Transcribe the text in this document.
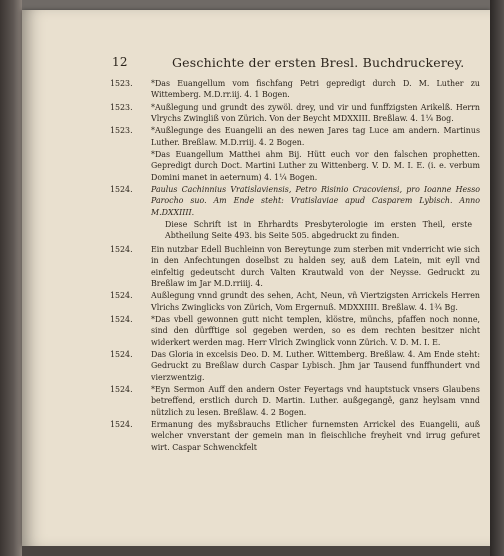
12	Geschichte der ersten Bresl. Buchdruckerey.
1523.	*Das Euangellum vom fischfang Petri gepredigt durch D. M. Luther zu Wittemberg. M.D.rr.iij. 4. 1 Bogen.
1523.	*Außlegung und grundt des zywöl. drey, und vir und funffzigsten Arikelß. Herrn Vlrychs Zwingliß von Zürich. Von der Beycht MDXXIII. Breßlaw. 4. 1¼ Bog.
1523.	*Außlegunge des Euangelii an des newen Jares tag Luce am andern. Martinus Luther. Breßlaw. M.D.rriij. 4. 2 Bogen.
*Das Euangellum Matthei ahm Bij. Hütt euch vor den falschen prophetten. Gepredigt durch Doct. Martini Luther zu Wittenberg. V. D. M. I. E. (i. e. verbum Domini manet in aeternum) 4. 1¼ Bogen.
1524.	Paulus Cachinnius Vratislaviensis, Petro Risinio Cracoviensi, pro Ioanne Hesso Parocho suo. Am Ende steht: Vratislaviae apud Casparem Lybisch. Anno M.DXXIIII.
Diese Schrift ist in Ehrhardts Presbyterologie im ersten Theil, erste Abtheilung Seite 493. bis Seite 505. abgedruckt zu finden.
1524.	Ein nutzbar Edell Buchleinn von Bereytunge zum sterben mit vnderricht wie sich in den Anfechtungen doselbst zu halden sey, auß dem Latein, mit eyll vnd einfeltig gedeutscht durch Valten Krautwald von der Neysse. Gedruckt zu Breßlaw im Jar M.D.rriiij. 4.
1524.	Außlegung vnnd grundt des sehen, Acht, Neun, vñ Viertzigsten Arrickels Herren Vlrichs Zwinglicks von Zürich, Vom Ergernuß. MDXXIIII. Breßlaw. 4. 1¾ Bg.
1524.	*Das vbell gewonnen gutt nicht templen, klöstre, münchs, pfaffen noch nonne, sind den dürfftige sol gegeben werden, so es dem rechten besitzer nicht widerkert werden mag. Herr Vlrich Zwinglick vonn Zürich. V. D. M. I. E.
1524.	Das Gloria in excelsis Deo. D. M. Luther. Wittemberg. Breßlaw. 4. Am Ende steht: Gedruckt zu Breßlaw durch Caspar Lybisch. Jhm jar Tausend funffhundert vnd vierzwentzig.
1524.	*Eyn Sermon Auff den andern Oster Feyertags vnd hauptstuck vnsers Glaubens betreffend, erstlich durch D. Martin. Luther. außgegangê, ganz heylsam vnnd nützlich zu lesen. Breßlaw. 4. 2 Bogen.
1524.	Ermanung des myßsbrauchs Etlicher furnemsten Arrickel des Euangelii, auß welcher vnverstant der gemein man in fleischliche freyheit vnd irrug gefuret wirt. Caspar Schwenckfelt
